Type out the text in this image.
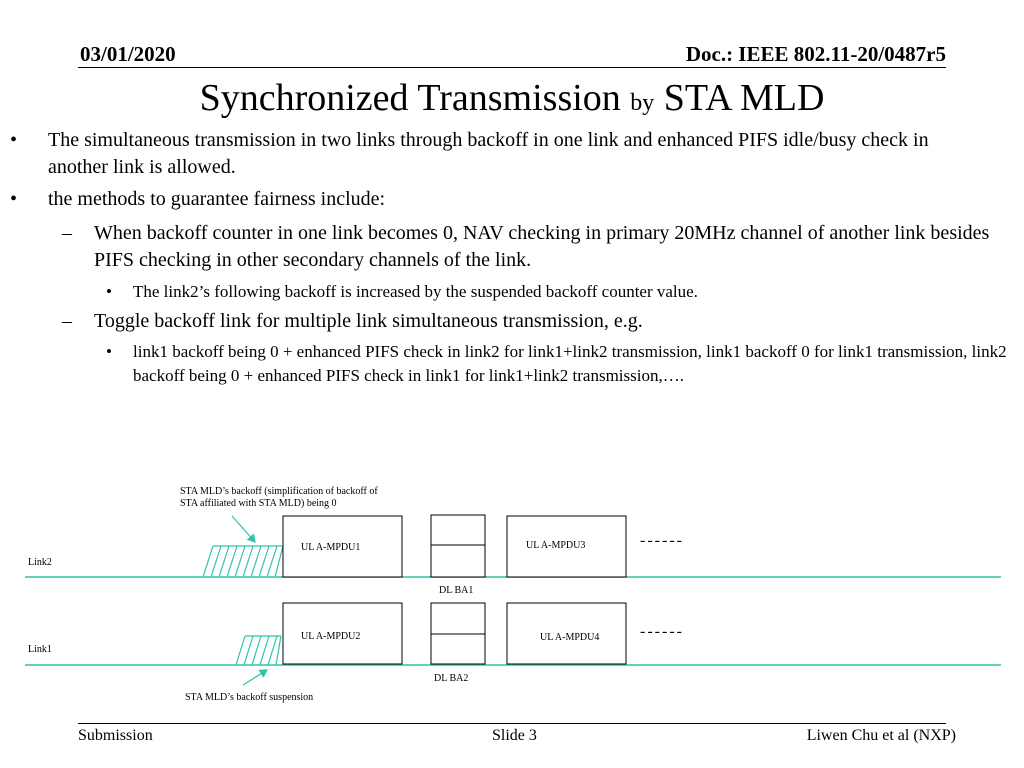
03/01/2020	Doc.: IEEE 802.11-20/0487r5
Synchronized Transmission by STA MLD
• The simultaneous transmission in two links through backoff in one link and enhanced PIFS idle/busy check in another link is allowed.
• the methods to guarantee fairness include:
– When backoff counter in one link becomes 0, NAV checking in primary 20MHz channel of another link besides PIFS checking in other secondary channels of the link.
• The link2’s following backoff is increased by the suspended backoff counter value.
– Toggle backoff link for multiple link simultaneous transmission, e.g.
• link1 backoff being 0 + enhanced PIFS check in link2 for link1+link2 transmission, link1 backoff 0 for link1 transmission, link2 backoff being 0 + enhanced PIFS check in link1 for link1+link2 transmission,….
STA MLD’s backoff (simplification of backoff of
STA affiliated with STA MLD) being 0
Link2
Link1
UL A-MPDU1	UL A-MPDU3
DL BA1
UL A-MPDU2	UL A-MPDU4
DL BA2
STA MLD’s backoff suspension
------
------
Submission	Slide 3	Liwen Chu et al (NXP)
